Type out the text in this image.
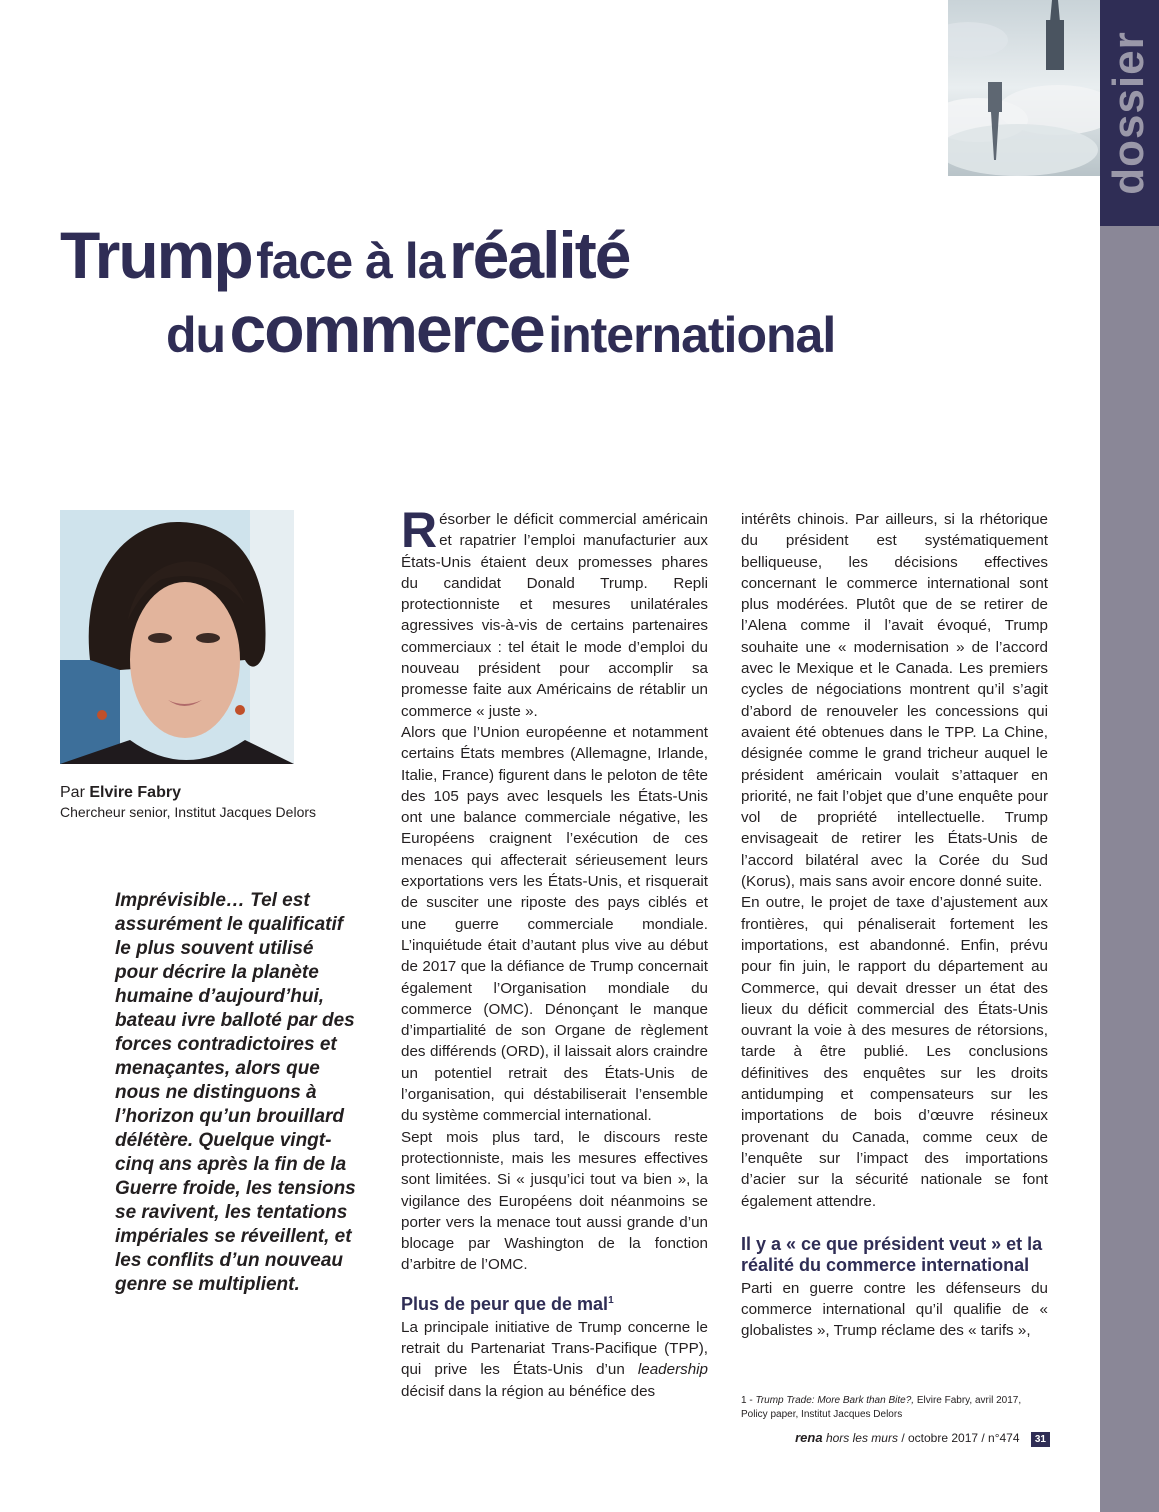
dossier
Trump face à la réalité
du commerce international
Par Elvire Fabry
Chercheur senior, Institut Jacques Delors
Imprévisible… Tel est assurément le qualificatif le plus souvent utilisé pour décrire la planète humaine d’aujourd’hui, bateau ivre balloté par des forces contradictoires et menaçantes, alors que nous ne distinguons à l’horizon qu’un brouillard délétère. Quelque vingt-cinq ans après la fin de la Guerre froide, les tensions se ravivent, les tentations impériales se réveillent, et les conflits d’un nouveau genre se multiplient.

Résorber le déficit commercial américain et rapatrier l’emploi manufacturier aux États-Unis étaient deux promesses phares du candidat Donald Trump. Repli protectionniste et mesures unilatérales agressives vis-à-vis de certains partenaires commerciaux : tel était le mode d’emploi du nouveau président pour accomplir sa promesse faite aux Américains de rétablir un commerce « juste ».

Alors que l’Union européenne et notamment certains États membres (Allemagne, Irlande, Italie, France) figurent dans le peloton de tête des 105 pays avec lesquels les États-Unis ont une balance commerciale négative, les Européens craignent l’exécution de ces menaces qui affecterait sérieusement leurs exportations vers les États-Unis, et risquerait de susciter une riposte des pays ciblés et une guerre commerciale mondiale. L’inquiétude était d’autant plus vive au début de 2017 que la défiance de Trump concernait également l’Organisation mondiale du commerce (OMC). Dénonçant le manque d’impartialité de son Organe de règlement des différends (ORD), il laissait alors craindre un potentiel retrait des États-Unis de l’organisation, qui déstabiliserait l’ensemble du système commercial international.

Sept mois plus tard, le discours reste protectionniste, mais les mesures effectives sont limitées. Si « jusqu’ici tout va bien », la vigilance des Européens doit néanmoins se porter vers la menace tout aussi grande d’un blocage par Washington de la fonction d’arbitre de l’OMC.

Plus de peur que de mal$^1$

La principale initiative de Trump concerne le retrait du Partenariat Trans-Pacifique (TPP), qui prive les États-Unis d’un leadership décisif dans la région au bénéfice des

intérêts chinois. Par ailleurs, si la rhétorique du président est systématiquement belliqueuse, les décisions effectives concernant le commerce international sont plus modérées. Plutôt que de se retirer de l’Alena comme il l’avait évoqué, Trump souhaite une « modernisation » de l’accord avec le Mexique et le Canada. Les premiers cycles de négociations montrent qu’il s’agit d’abord de renouveler les concessions qui avaient été obtenues dans le TPP. La Chine, désignée comme le grand tricheur auquel le président américain voulait s’attaquer en priorité, ne fait l’objet que d’une enquête pour vol de propriété intellectuelle. Trump envisageait de retirer les États-Unis de l’accord bilatéral avec la Corée du Sud (Korus), mais sans avoir encore donné suite.

En outre, le projet de taxe d’ajustement aux frontières, qui pénaliserait fortement les importations, est abandonné. Enfin, prévu pour fin juin, le rapport du département au Commerce, qui devait dresser un état des lieux du déficit commercial des États-Unis ouvrant la voie à des mesures de rétorsions, tarde à être publié. Les conclusions définitives des enquêtes sur les droits antidumping et compensateurs sur les importations de bois d’œuvre résineux provenant du Canada, comme ceux de l’enquête sur l’impact des importations d’acier sur la sécurité nationale se font également attendre.

Il y a « ce que président veut » et la réalité du commerce international

Parti en guerre contre les défenseurs du commerce international qu’il qualifie de « globalistes », Trump réclame des « tarifs »,

1 - Trump Trade: More Bark than Bite?, Elvire Fabry, avril 2017, Policy paper, Institut Jacques Delors
rena hors les murs / octobre 2017 / n°474 31
